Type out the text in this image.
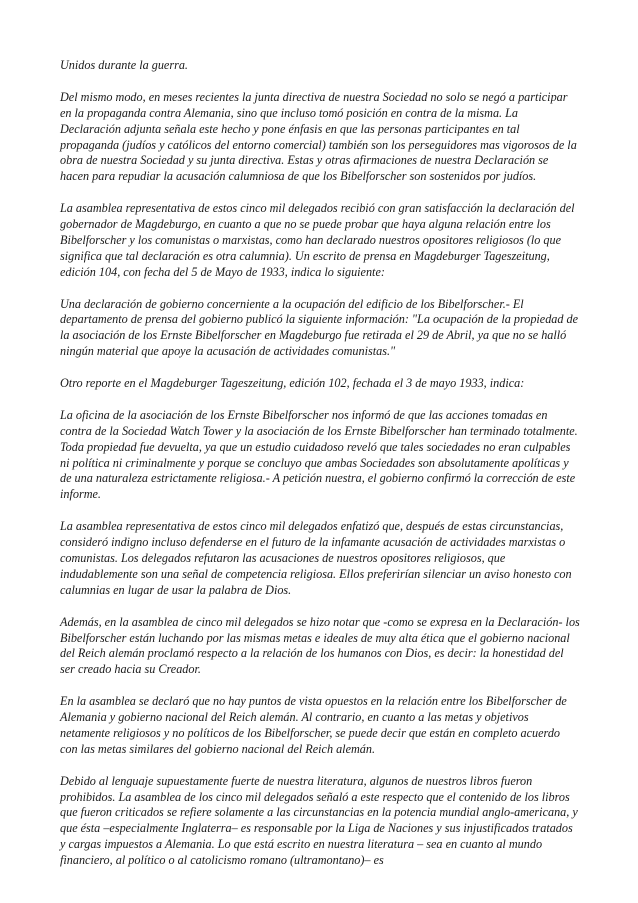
Unidos durante la guerra.

Del mismo modo, en meses recientes la junta directiva de nuestra Sociedad no solo se negó a participar en la propaganda contra Alemania, sino que incluso tomó posición en contra de la misma. La Declaración adjunta señala este hecho y pone énfasis en que las personas participantes en tal propaganda (judíos y católicos del entorno comercial) también son los perseguidores mas vigorosos de la obra de nuestra Sociedad y su junta directiva. Estas y otras afirmaciones de nuestra Declaración se hacen para repudiar la acusación calumniosa de que los Bibelforscher son sostenidos por judíos.

La asamblea representativa de estos cinco mil delegados recibió con gran satisfacción la declaración del gobernador de Magdeburgo, en cuanto a que no se puede probar que haya alguna relación entre los Bibelforscher y los comunistas o marxistas, como han declarado nuestros opositores religiosos (lo que significa que tal declaración es otra calumnia). Un escrito de prensa en Magdeburger Tageszeitung, edición 104, con fecha del 5 de Mayo de 1933, indica lo siguiente:

Una declaración de gobierno concerniente a la ocupación del edificio de los Bibelforscher.- El departamento de prensa del gobierno publicó la siguiente información: "La ocupación de la propiedad de la asociación de los Ernste Bibelforscher en Magdeburgo fue retirada el 29 de Abril, ya que no se halló ningún material que apoye la acusación de actividades comunistas."

Otro reporte en el Magdeburger Tageszeitung, edición 102, fechada el 3 de mayo 1933, indica:

La oficina de la asociación de los Ernste Bibelforscher nos informó de que las acciones tomadas en contra de la Sociedad Watch Tower y la asociación de los Ernste Bibelforscher han terminado totalmente. Toda propiedad fue devuelta, ya que un estudio cuidadoso reveló que tales sociedades no eran culpables ni política ni criminalmente y porque se concluyo que ambas Sociedades son absolutamente apolíticas y de una naturaleza estrictamente religiosa.- A petición nuestra, el gobierno confirmó la corrección de este informe.

La asamblea representativa de estos cinco mil delegados enfatizó que, después de estas circunstancias, consideró indigno incluso defenderse en el futuro de la infamante acusación de actividades marxistas o comunistas. Los delegados refutaron las acusaciones de nuestros opositores religiosos, que indudablemente son una señal de competencia religiosa. Ellos preferirían silenciar un aviso honesto con calumnias en lugar de usar la palabra de Dios.

Además, en la asamblea de cinco mil delegados se hizo notar que -como se expresa en la Declaración- los Bibelforscher están luchando por las mismas metas e ideales de muy alta ética que el gobierno nacional del Reich alemán proclamó respecto a la relación de los humanos con Dios, es decir: la honestidad del ser creado hacia su Creador.

En la asamblea se declaró que no hay puntos de vista opuestos en la relación entre los Bibelforscher de Alemania y gobierno nacional del Reich alemán. Al contrario, en cuanto a las metas y objetivos netamente religiosos y no políticos de los Bibelforscher, se puede decir que están en completo acuerdo con las metas similares del gobierno nacional del Reich alemán.

Debido al lenguaje supuestamente fuerte de nuestra literatura, algunos de nuestros libros fueron prohibidos. La asamblea de los cinco mil delegados señaló a este respecto que el contenido de los libros que fueron criticados se refiere solamente a las circunstancias en la potencia mundial anglo-americana, y que ésta –especialmente Inglaterra– es responsable por la Liga de Naciones y sus injustificados tratados y cargas impuestos a Alemania. Lo que está escrito en nuestra literatura – sea en cuanto al mundo financiero, al político o al catolicismo romano (ultramontano)– es
